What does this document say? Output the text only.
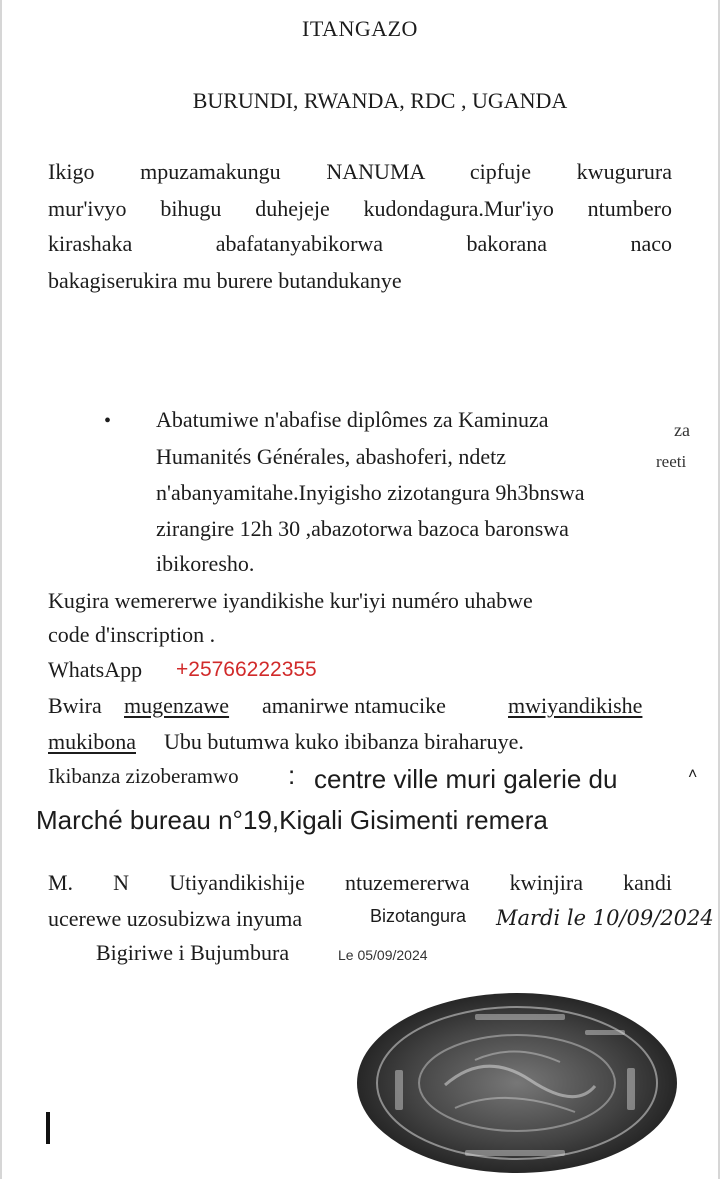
ITANGAZO
BURUNDI, RWANDA, RDC , UGANDA
Ikigo mpuzamakungu NANUMA cipfuje kwugurura
mur'ivyo bihugu duhejeje kudondagura.Mur'iyo ntumbero
kirashaka abafatanyabikorwa bakorana naco
bakagiserukira mu burere butandukanye
• Abatumiwe n'abafise diplômes za Kaminuza	za
Humanités Générales, abashoferi, ndetz	reeti
n'abanyamitahe.Inyigisho zizotangura 9h3bnswa
zirangire 12h 30 ,abazotorwa bazoca baronswa
ibikoresho.
Kugira wemererwe iyandikishe kur'iyi numéro uhabwe
code d'inscription .
WhatsApp +25766222355
Bwira mugenzawe amanirwe ntamucike	mwiyandikishe
mukibona Ubu butumwa kuko ibibanza biraharuye.
Ikibanza zizoberamwo : centre ville muri galerie du	˄
Marché bureau n°19,Kigali Gisimenti remera
M. N Utiyandikishije ntuzemererwa kwinjira kandi
ucerewe uzosubizwa inyuma	Bizotangura Mardi le 10/09/2024
Bigiriwe i Bujumbura	Le 05/09/2024
